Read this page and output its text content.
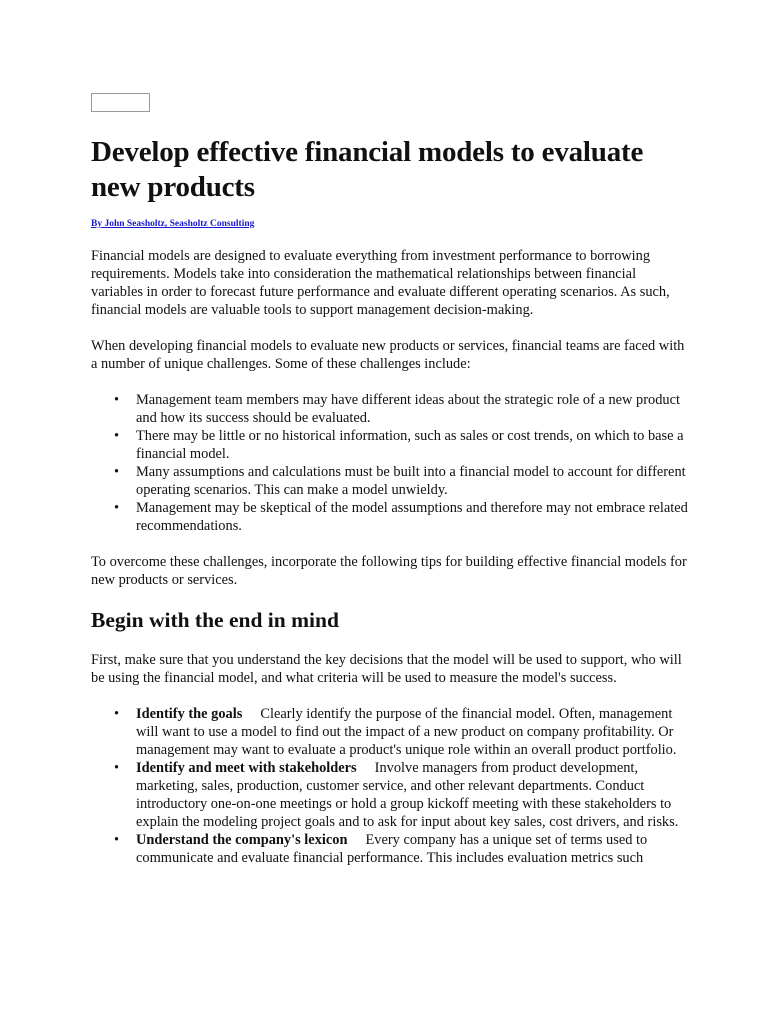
Develop effective financial models to evaluate new products
By John Seasholtz, Seasholtz Consulting

Financial models are designed to evaluate everything from investment performance to borrowing requirements. Models take into consideration the mathematical relationships between financial variables in order to forecast future performance and evaluate different operating scenarios. As such, financial models are valuable tools to support management decision-making.

When developing financial models to evaluate new products or services, financial teams are faced with a number of unique challenges. Some of these challenges include:

• Management team members may have different ideas about the strategic role of a new product and how its success should be evaluated.
• There may be little or no historical information, such as sales or cost trends, on which to base a financial model.
• Many assumptions and calculations must be built into a financial model to account for different operating scenarios. This can make a model unwieldy.
• Management may be skeptical of the model assumptions and therefore may not embrace related recommendations.

To overcome these challenges, incorporate the following tips for building effective financial models for new products or services.

Begin with the end in mind

First, make sure that you understand the key decisions that the model will be used to support, who will be using the financial model, and what criteria will be used to measure the model's success.

• Identify the goals Clearly identify the purpose of the financial model. Often, management will want to use a model to find out the impact of a new product on company profitability. Or management may want to evaluate a product's unique role within an overall product portfolio.
• Identify and meet with stakeholders Involve managers from product development, marketing, sales, production, customer service, and other relevant departments. Conduct introductory one-on-one meetings or hold a group kickoff meeting with these stakeholders to explain the modeling project goals and to ask for input about key sales, cost drivers, and risks.
• Understand the company's lexicon Every company has a unique set of terms used to communicate and evaluate financial performance. This includes evaluation metrics such
